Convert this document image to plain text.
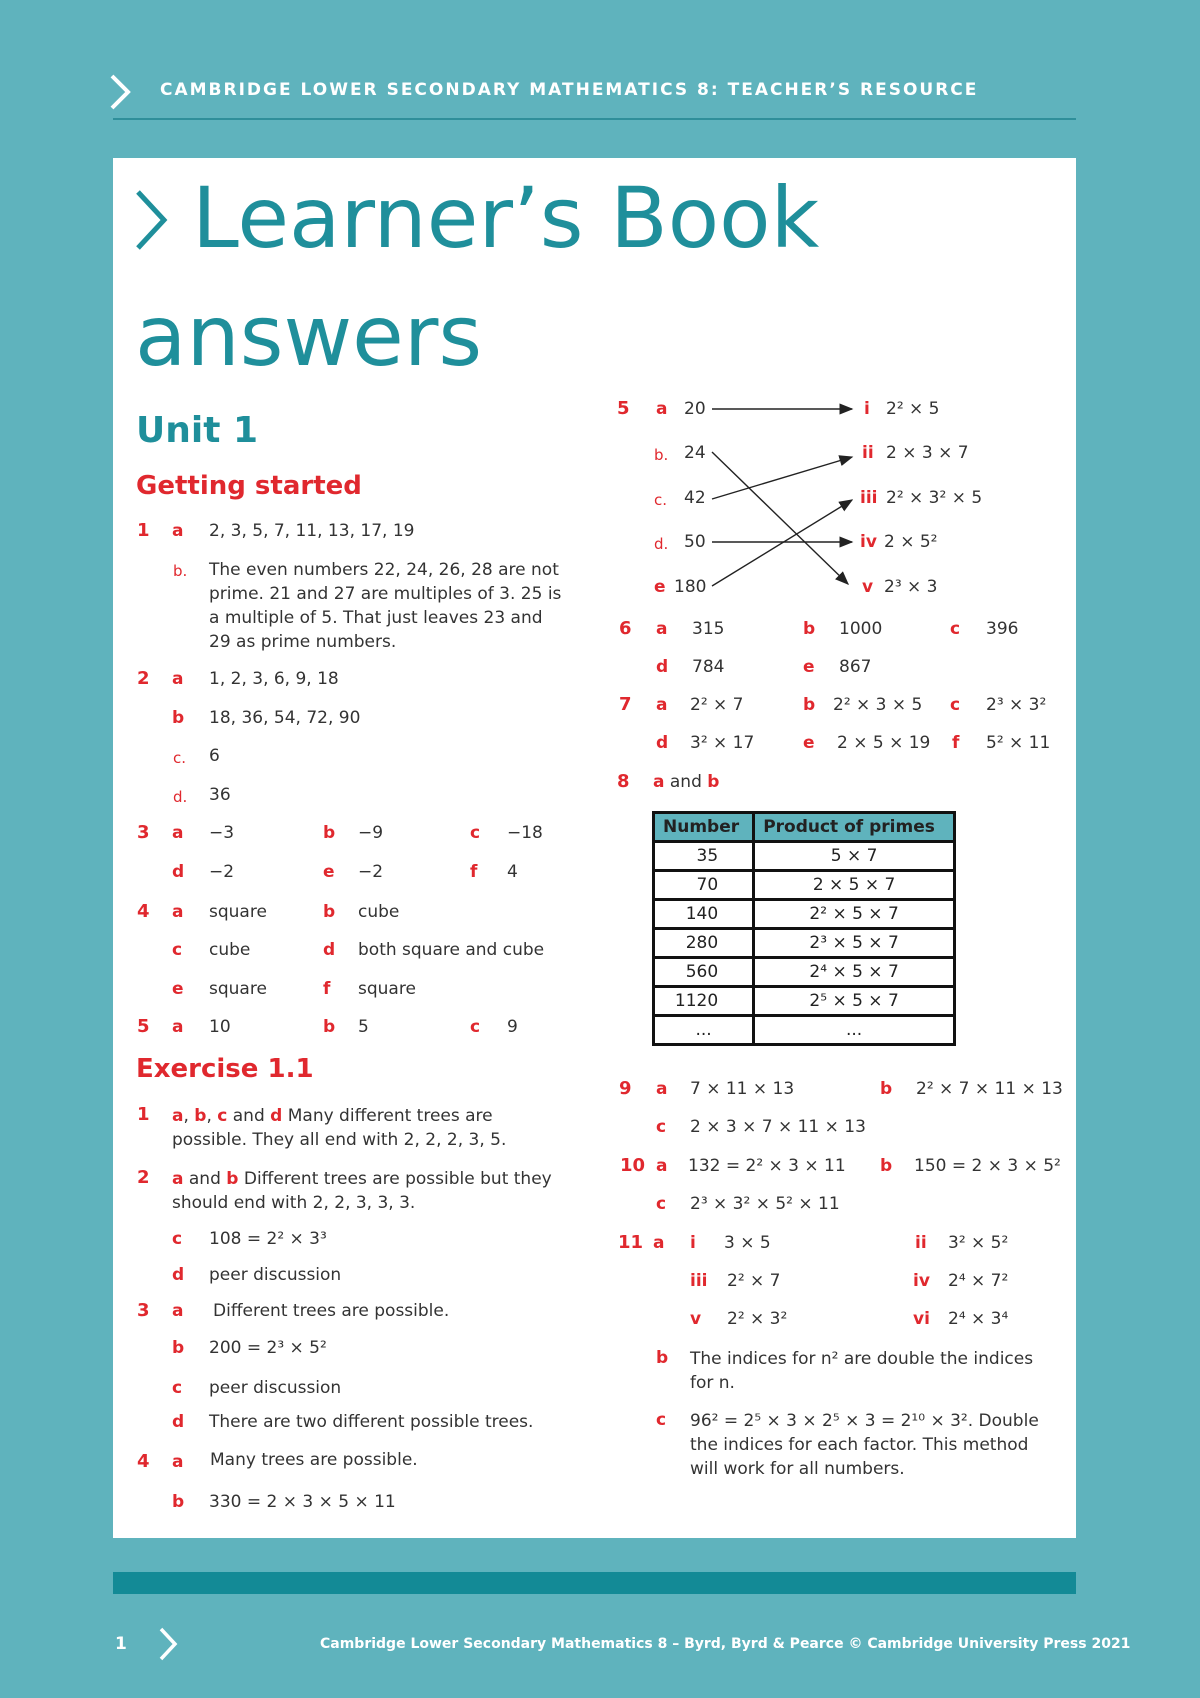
CAMBRIDGE LOWER SECONDARY MATHEMATICS 8: TEACHER’S RESOURCE
Learner’s Book
answers
Unit 1
Getting started
1 a 2, 3, 5, 7, 11, 13, 17, 19
b. The even numbers 22, 24, 26, 28 are not prime. 21 and 27 are multiples of 3. 25 is a multiple of 5. That just leaves 23 and 29 as prime numbers.
2 a 1, 2, 3, 6, 9, 18
b 18, 36, 54, 72, 90
c. 6
d. 36
3 a −3	b −9	c −18
d −2	e −2	f 4
4 a square	b cube
c cube	d both square and cube
e square	f square
5 a 10	b 5	c 9
Exercise 1.1
1 a, b, c and d Many different trees are possible. They all end with 2, 2, 2, 3, 5.
2 a and b Different trees are possible but they should end with 2, 2, 3, 3, 3.
c 108 = 2² × 3³
d peer discussion
3 a Different trees are possible.
b 200 = 2³ × 5²
c peer discussion
d There are two different possible trees.
4 a Many trees are possible.
b 330 = 2 × 3 × 5 × 11
5 a 20
b. 24
c. 42
d. 50
e 180
i 2² × 5
ii 2 × 3 × 7
iii 2² × 3² × 5
iv 2 × 5²
v 2³ × 3
6 a 315	b 1000	c 396
d 784	e 867
7 a 2² × 7	b 2² × 3 × 5 c 2³ × 3²
d 3² × 17	e 2 × 5 × 19 f 5² × 11
8 a and b
Number	Product of primes
35	5 × 7
70	2 × 5 × 7
140	2² × 5 × 7
280	2³ × 5 × 7
560	2⁴ × 5 × 7
1120	2⁵ × 5 × 7
...	...
9 a 7 × 11 × 13	b 2² × 7 × 11 × 13
c 2 × 3 × 7 × 11 × 13
10 a 132 = 2² × 3 × 11 b 150 = 2 × 3 × 5²
c 2³ × 3² × 5² × 11
11 a i 3 × 5	ii 3² × 5²
iii 2² × 7	iv 2⁴ × 7²
v 2² × 3²	vi 2⁴ × 3⁴
b The indices for n² are double the indices for n.
c 96² = 2⁵ × 3 × 2⁵ × 3 = 2¹⁰ × 3². Double the indices for each factor. This method will work for all numbers.
1	Cambridge Lower Secondary Mathematics 8 – Byrd, Byrd & Pearce © Cambridge University Press 2021
